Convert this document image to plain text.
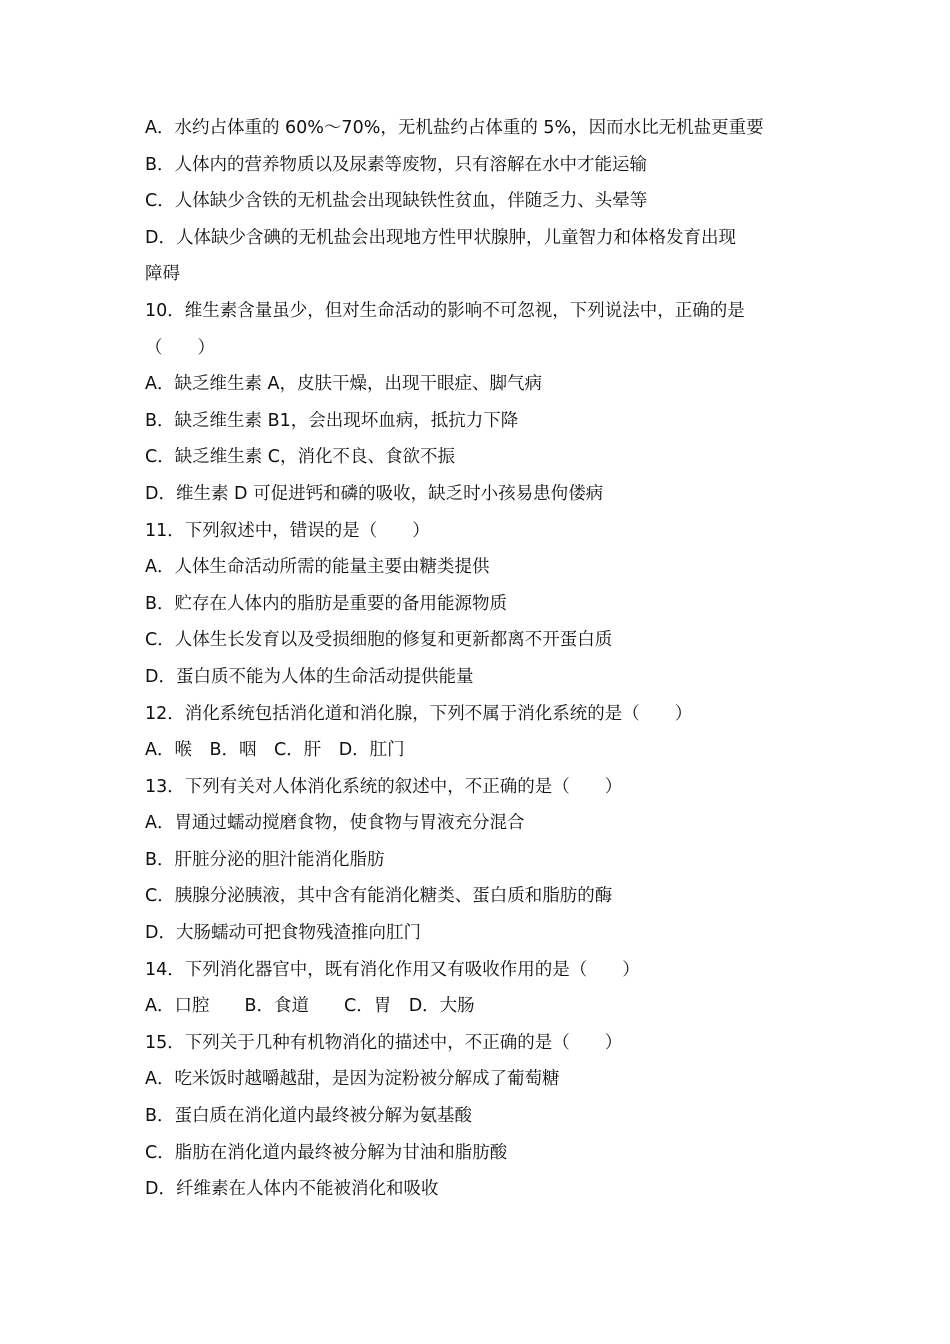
A．水约占体重的 60%～70%，无机盐约占体重的 5%，因而水比无机盐更重要
B．人体内的营养物质以及尿素等废物，只有溶解在水中才能运输
C．人体缺少含铁的无机盐会出现缺铁性贫血，伴随乏力、头晕等
D．人体缺少含碘的无机盐会出现地方性甲状腺肿，儿童智力和体格发育出现
障碍
10．维生素含量虽少，但对生命活动的影响不可忽视，下列说法中，正确的是
（　　）
A．缺乏维生素 A，皮肤干燥，出现干眼症、脚气病
B．缺乏维生素 B1，会出现坏血病，抵抗力下降
C．缺乏维生素 C，消化不良、食欲不振
D．维生素 D 可促进钙和磷的吸收，缺乏时小孩易患佝偻病
11．下列叙述中，错误的是（　　）
A．人体生命活动所需的能量主要由糖类提供
B．贮存在人体内的脂肪是重要的备用能源物质
C．人体生长发育以及受损细胞的修复和更新都离不开蛋白质
D．蛋白质不能为人体的生命活动提供能量
12．消化系统包括消化道和消化腺，下列不属于消化系统的是（　　）
A．喉　B．咽　C．肝　D．肛门
13．下列有关对人体消化系统的叙述中，不正确的是（　　）
A．胃通过蠕动搅磨食物，使食物与胃液充分混合
B．肝脏分泌的胆汁能消化脂肪
C．胰腺分泌胰液，其中含有能消化糖类、蛋白质和脂肪的酶
D．大肠蠕动可把食物残渣推向肛门
14．下列消化器官中，既有消化作用又有吸收作用的是（　　）
A．口腔　　B．食道　　C．胃　D．大肠
15．下列关于几种有机物消化的描述中，不正确的是（　　）
A．吃米饭时越嚼越甜，是因为淀粉被分解成了葡萄糖
B．蛋白质在消化道内最终被分解为氨基酸
C．脂肪在消化道内最终被分解为甘油和脂肪酸
D．纤维素在人体内不能被消化和吸收
